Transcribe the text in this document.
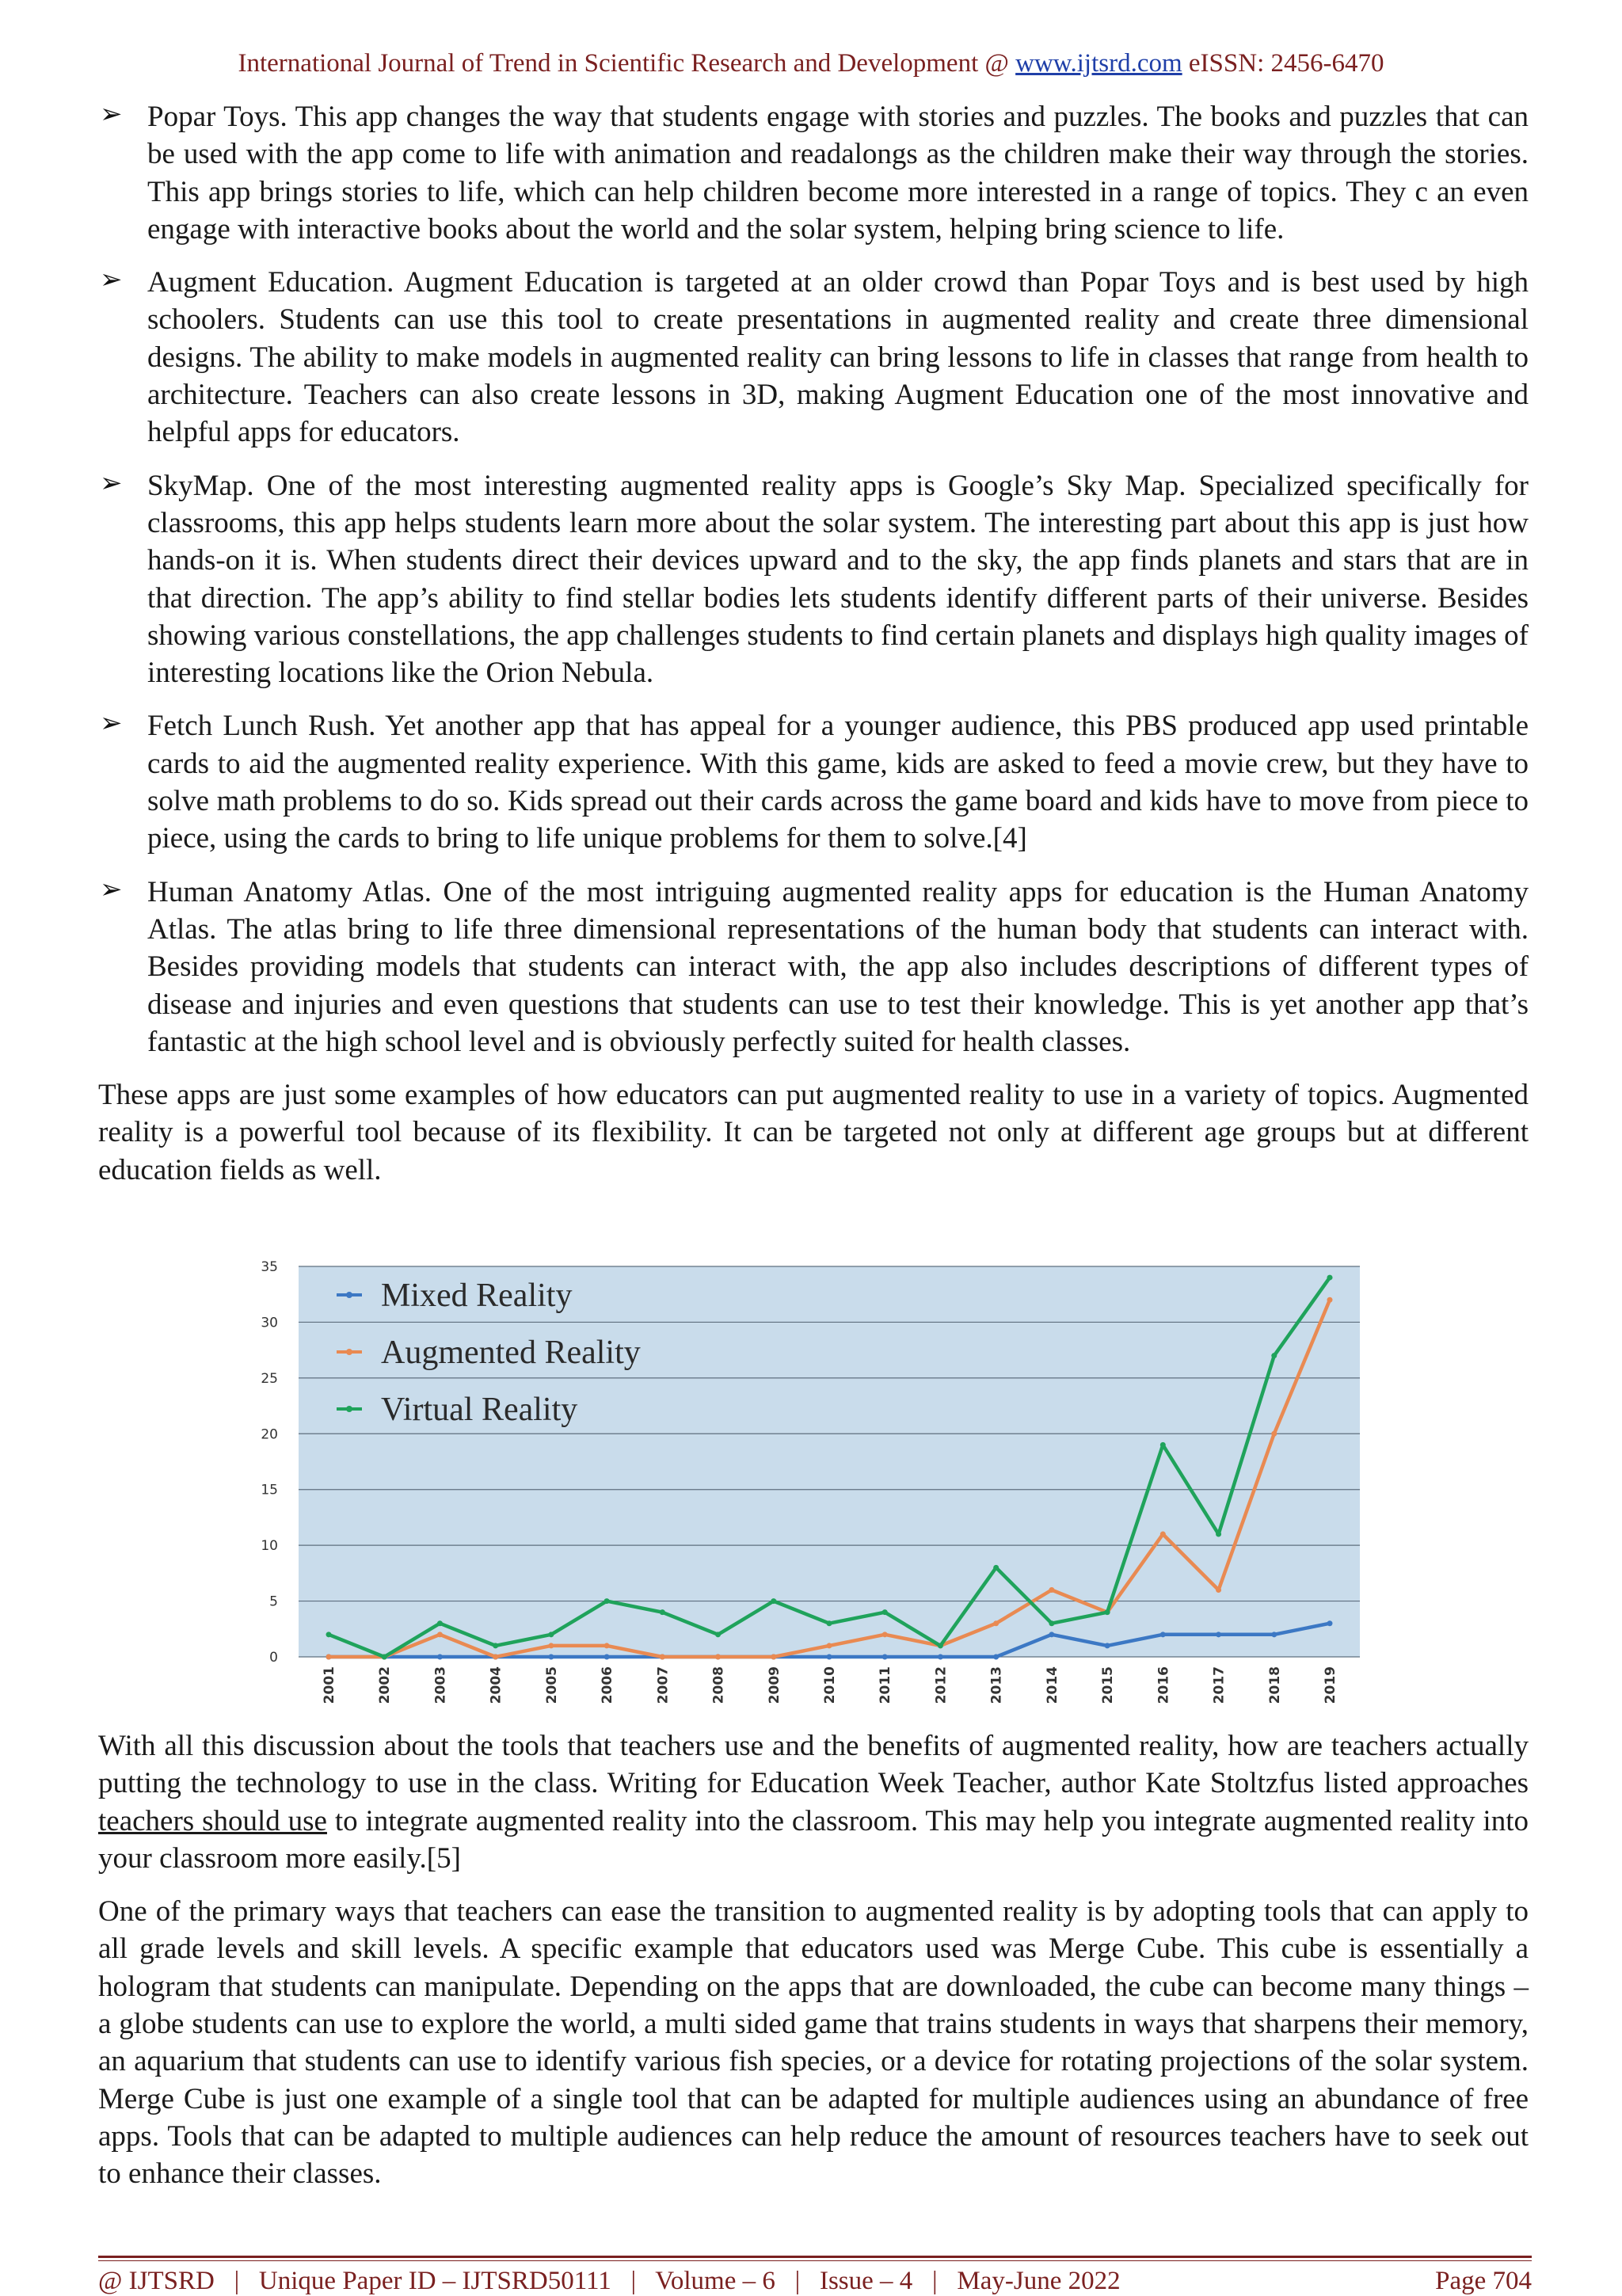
International Journal of Trend in Scientific Research and Development @ www.ijtsrd.com eISSN: 2456-6470
➢ Popar Toys. This app changes the way that students engage with stories and puzzles. The books and puzzles that can be used with the app come to life with animation and readalongs as the children make their way through the stories. This app brings stories to life, which can help children become more interested in a range of topics. They c an even engage with interactive books about the world and the solar system, helping bring science to life.

➢ Augment Education. Augment Education is targeted at an older crowd than Popar Toys and is best used by high schoolers. Students can use this tool to create presentations in augmented reality and create three dimensional designs. The ability to make models in augmented reality can bring lessons to life in classes that range from health to architecture. Teachers can also create lessons in 3D, making Augment Education one of the most innovative and helpful apps for educators.

➢ SkyMap. One of the most interesting augmented reality apps is Google’s Sky Map. Specialized specifically for classrooms, this app helps students learn more about the solar system. The interesting part about this app is just how hands-on it is. When students direct their devices upward and to the sky, the app finds planets and stars that are in that direction. The app’s ability to find stellar bodies lets students identify different parts of their universe. Besides showing various constellations, the app challenges students to find certain planets and displays high quality images of interesting locations like the Orion Nebula.

➢ Fetch Lunch Rush. Yet another app that has appeal for a younger audience, this PBS produced app used printable cards to aid the augmented reality experience. With this game, kids are asked to feed a movie crew, but they have to solve math problems to do so. Kids spread out their cards across the game board and kids have to move from piece to piece, using the cards to bring to life unique problems for them to solve.[4]

➢ Human Anatomy Atlas. One of the most intriguing augmented reality apps for education is the Human Anatomy Atlas. The atlas bring to life three dimensional representations of the human body that students can interact with. Besides providing models that students can interact with, the app also includes descriptions of different types of disease and injuries and even questions that students can use to test their knowledge. This is yet another app that’s fantastic at the high school level and is obviously perfectly suited for health classes.

These apps are just some examples of how educators can put augmented reality to use in a variety of topics. Augmented reality is a powerful tool because of its flexibility. It can be targeted not only at different age groups but at different education fields as well.

0
5
10
15
20
25
30
35
2001	2002	2003	2004	2005	2006	2007	2008	2009	2010	2011	2012	2013	2014	2015	2016	2017	2018	2019
Mixed Reality
Augmented Reality
Virtual Reality

With all this discussion about the tools that teachers use and the benefits of augmented reality, how are teachers actually putting the technology to use in the class. Writing for Education Week Teacher, author Kate Stoltzfus listed approaches teachers should use to integrate augmented reality into the classroom. This may help you integrate augmented reality into your classroom more easily.[5]

One of the primary ways that teachers can ease the transition to augmented reality is by adopting tools that can apply to all grade levels and skill levels. A specific example that educators used was Merge Cube. This cube is essentially a hologram that students can manipulate. Depending on the apps that are downloaded, the cube can become many things – a globe students can use to explore the world, a multi sided game that trains students in ways that sharpens their memory, an aquarium that students can use to identify various fish species, or a device for rotating projections of the solar system. Merge Cube is just one example of a single tool that can be adapted for multiple audiences using an abundance of free apps. Tools that can be adapted to multiple audiences can help reduce the amount of resources teachers have to seek out to enhance their classes.

@ IJTSRD   |   Unique Paper ID – IJTSRD50111   |   Volume – 6   |   Issue – 4   |   May-June 2022	Page 704
